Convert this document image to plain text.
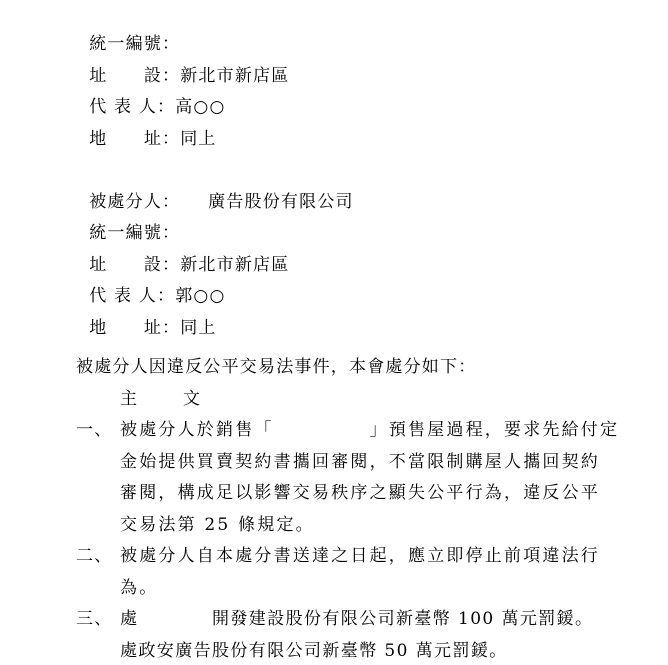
統一編號：

址　　設：新北市新店區

代 表 人：高○○

地　　址：同上

被處分人：　　廣告股份有限公司

統一編號：

址　　設：新北市新店區

代 表 人：郭○○

地　　址：同上

被處分人因違反公平交易法事件，本會處分如下：
主　　文
一、 被處分人於銷售「　　　　　」預售屋過程，要求先給付定
金始提供買賣契約書攜回審閱，不當限制購屋人攜回契約
審閱，構成足以影響交易秩序之顯失公平行為，違反公平
交易法第 25 條規定。
二、 被處分人自本處分書送達之日起，應立即停止前項違法行
為。
三、 處　　　　開發建設股份有限公司新臺幣 100 萬元罰鍰。
處政安廣告股份有限公司新臺幣 50 萬元罰鍰。
